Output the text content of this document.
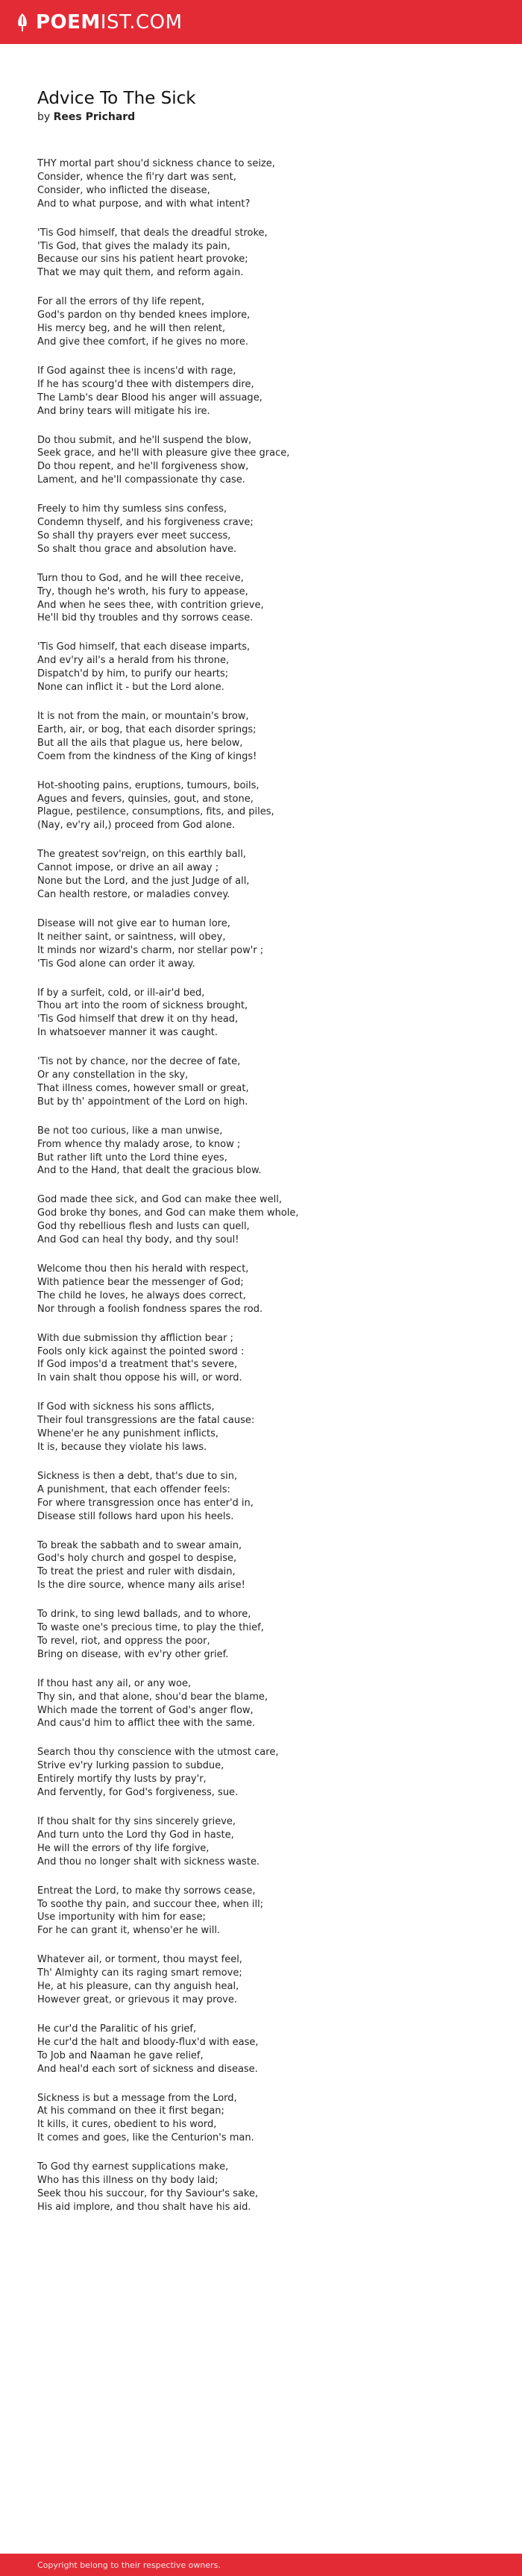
POEMIST.COM
Advice To The Sick
by Rees Prichard
THY mortal part shou'd sickness chance to seize,
Consider, whence the fi'ry dart was sent,
Consider, who inflicted the disease,
And to what purpose, and with what intent?
'Tis God himself, that deals the dreadful stroke,
'Tis God, that gives the malady its pain,
Because our sins his patient heart provoke;
That we may quit them, and reform again.
For all the errors of thy life repent,
God's pardon on thy bended knees implore,
His mercy beg, and he will then relent,
And give thee comfort, if he gives no more.
If God against thee is incens'd with rage,
If he has scourg'd thee with distempers dire,
The Lamb's dear Blood his anger will assuage,
And briny tears will mitigate his ire.
Do thou submit, and he'll suspend the blow,
Seek grace, and he'll with pleasure give thee grace,
Do thou repent, and he'll forgiveness show,
Lament, and he'll compassionate thy case.
Freely to him thy sumless sins confess,
Condemn thyself, and his forgiveness crave;
So shall thy prayers ever meet success,
So shalt thou grace and absolution have.
Turn thou to God, and he will thee receive,
Try, though he's wroth, his fury to appease,
And when he sees thee, with contrition grieve,
He'll bid thy troubles and thy sorrows cease.
'Tis God himself, that each disease imparts,
And ev'ry ail's a herald from his throne,
Dispatch'd by him, to purify our hearts;
None can inflict it - but the Lord alone.
It is not from the main, or mountain's brow,
Earth, air, or bog, that each disorder springs;
But all the ails that plague us, here below,
Coem from the kindness of the King of kings!
Hot-shooting pains, eruptions, tumours, boils,
Agues and fevers, quinsies, gout, and stone,
Plague, pestilence, consumptions, fits, and piles,
(Nay, ev'ry ail,) proceed from God alone.
The greatest sov'reign, on this earthly ball,
Cannot impose, or drive an ail away ;
None but the Lord, and the just Judge of all,
Can health restore, or maladies convey.
Disease will not give ear to human lore,
It neither saint, or saintness, will obey,
It minds nor wizard's charm, nor stellar pow'r ;
'Tis God alone can order it away.
If by a surfeit, cold, or ill-air'd bed,
Thou art into the room of sickness brought,
'Tis God himself that drew it on thy head,
In whatsoever manner it was caught.
'Tis not by chance, nor the decree of fate,
Or any constellation in the sky,
That illness comes, however small or great,
But by th' appointment of the Lord on high.
Be not too curious, like a man unwise,
From whence thy malady arose, to know ;
But rather lift unto the Lord thine eyes,
And to the Hand, that dealt the gracious blow.
God made thee sick, and God can make thee well,
God broke thy bones, and God can make them whole,
God thy rebellious flesh and lusts can quell,
And God can heal thy body, and thy soul!
Welcome thou then his herald with respect,
With patience bear the messenger of God;
The child he loves, he always does correct,
Nor through a foolish fondness spares the rod.
With due submission thy affliction bear ;
Fools only kick against the pointed sword :
If God impos'd a treatment that's severe,
In vain shalt thou oppose his will, or word.
If God with sickness his sons afflicts,
Their foul transgressions are the fatal cause:
Whene'er he any punishment inflicts,
It is, because they violate his laws.
Sickness is then a debt, that's due to sin,
A punishment, that each offender feels:
For where transgression once has enter'd in,
Disease still follows hard upon his heels.
To break the sabbath and to swear amain,
God's holy church and gospel to despise,
To treat the priest and ruler with disdain,
Is the dire source, whence many ails arise!
To drink, to sing lewd ballads, and to whore,
To waste one's precious time, to play the thief,
To revel, riot, and oppress the poor,
Bring on disease, with ev'ry other grief.
If thou hast any ail, or any woe,
Thy sin, and that alone, shou'd bear the blame,
Which made the torrent of God's anger flow,
And caus'd him to afflict thee with the same.
Search thou thy conscience with the utmost care,
Strive ev'ry lurking passion to subdue,
Entirely mortify thy lusts by pray'r,
And fervently, for God's forgiveness, sue.
If thou shalt for thy sins sincerely grieve,
And turn unto the Lord thy God in haste,
He will the errors of thy life forgive,
And thou no longer shalt with sickness waste.
Entreat the Lord, to make thy sorrows cease,
To soothe thy pain, and succour thee, when ill;
Use importunity with him for ease;
For he can grant it, whenso'er he will.
Whatever ail, or torment, thou mayst feel,
Th' Almighty can its raging smart remove;
He, at his pleasure, can thy anguish heal,
However great, or grievous it may prove.
He cur'd the Paralitic of his grief,
He cur'd the halt and bloody-flux'd with ease,
To Job and Naaman he gave relief,
And heal'd each sort of sickness and disease.
Sickness is but a message from the Lord,
At his command on thee it first began;
It kills, it cures, obedient to his word,
It comes and goes, like the Centurion's man.
To God thy earnest supplications make,
Who has this illness on thy body laid;
Seek thou his succour, for thy Saviour's sake,
His aid implore, and thou shalt have his aid.
Copyright belong to their respective owners.
